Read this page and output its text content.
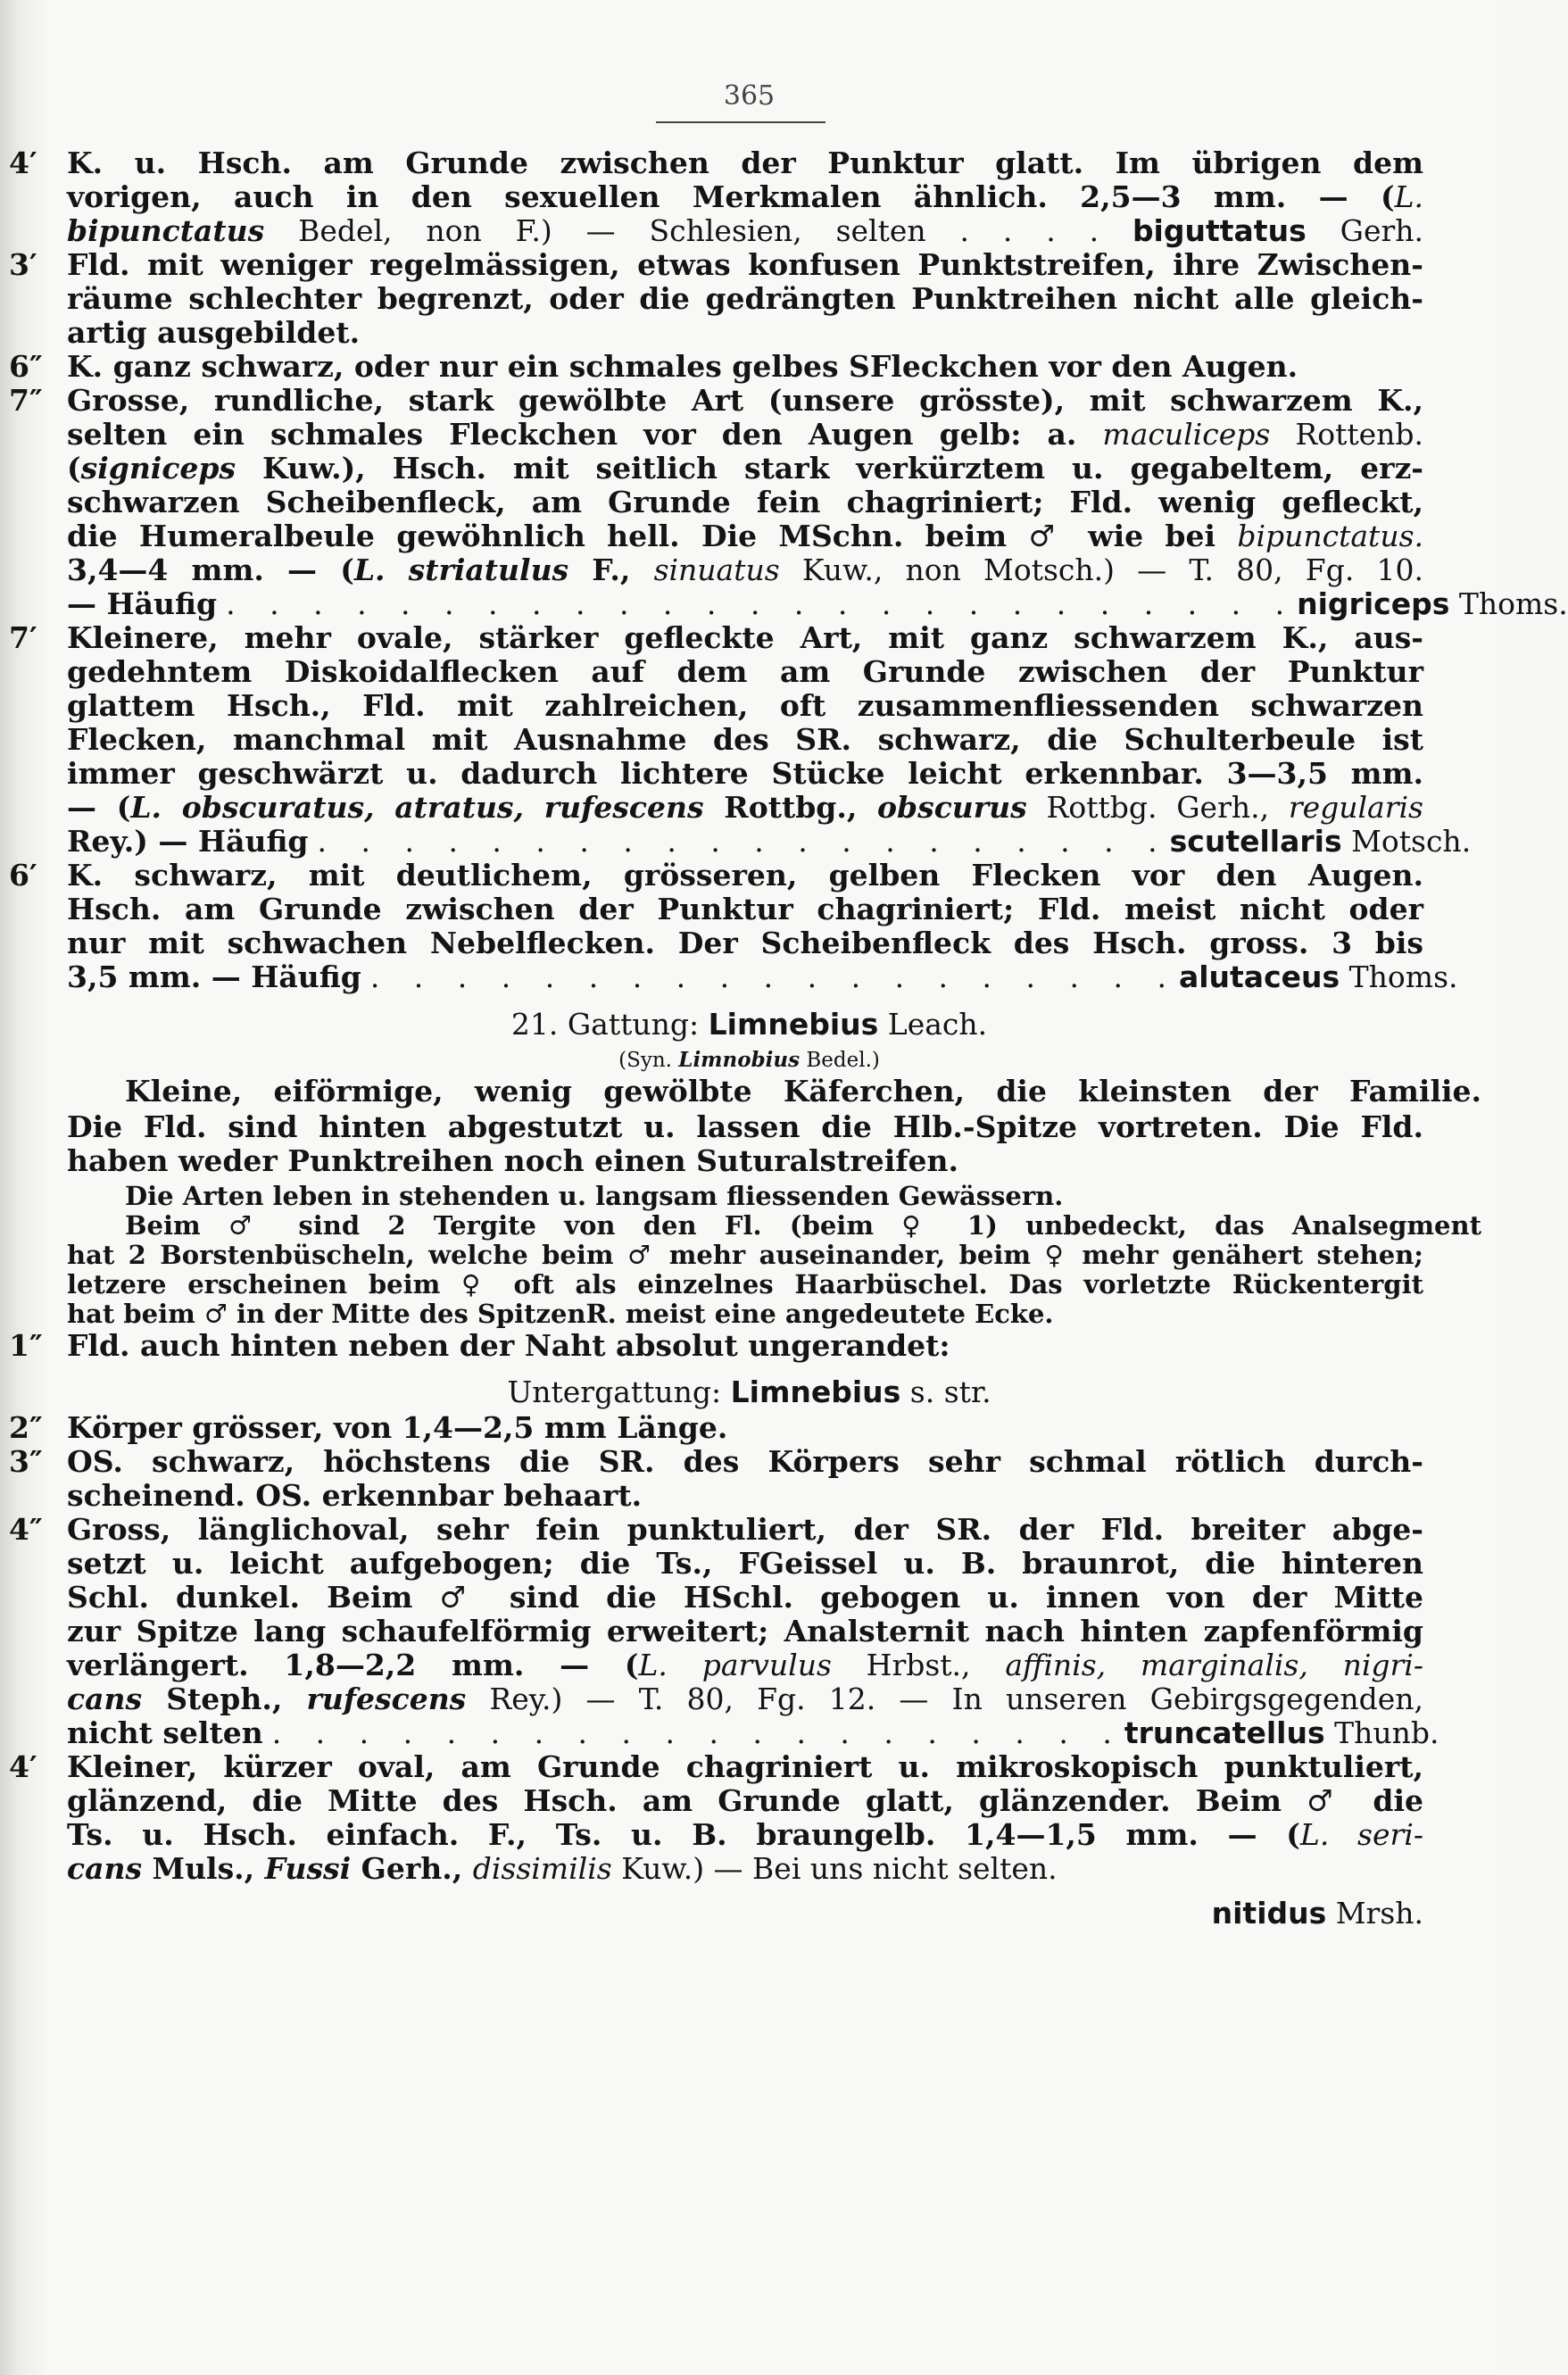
365
4′	K. u. Hsch. am Grunde zwischen der Punktur glatt. Im übrigen dem
vorigen, auch in den sexuellen Merkmalen ähnlich. 2,5—3 mm. — (L.
bipunctatus Bedel, non F.) — Schlesien, selten . . . . biguttatus Gerh.
3′	Fld. mit weniger regelmässigen, etwas konfusen Punktstreifen, ihre Zwischen-
räume schlechter begrenzt, oder die gedrängten Punktreihen nicht alle gleich-
artig ausgebildet.
6″ K. ganz schwarz, oder nur ein schmales gelbes SFleckchen vor den Augen.
7″ Grosse, rundliche, stark gewölbte Art (unsere grösste), mit schwarzem K.,
selten ein schmales Fleckchen vor den Augen gelb: a. maculiceps Rottenb.
(signiceps Kuw.), Hsch. mit seitlich stark verkürztem u. gegabeltem, erz-
schwarzen Scheibenfleck, am Grunde fein chagriniert; Fld. wenig gefleckt,
die Humeralbeule gewöhnlich hell. Die MSchn. beim ♂ wie bei bipunctatus.
3,4—4 mm. — (L. striatulus F., sinuatus Kuw., non Motsch.) — T. 80, Fg. 10.
— Häufig . . . . . . . . . . . . . . . . . . . . . . . . . nigriceps Thoms.
7′	Kleinere, mehr ovale, stärker gefleckte Art, mit ganz schwarzem K., aus-
gedehntem Diskoidalflecken auf dem am Grunde zwischen der Punktur
glattem Hsch., Fld. mit zahlreichen, oft zusammenfliessenden schwarzen
Flecken, manchmal mit Ausnahme des SR. schwarz, die Schulterbeule ist
immer geschwärzt u. dadurch lichtere Stücke leicht erkennbar. 3—3,5 mm.
— (L. obscuratus, atratus, rufescens Rottbg., obscurus Rottbg. Gerh., regularis
Rey.) — Häufig . . . . . . . . . . . . . . . . . . . . scutellaris Motsch.
6′	K. schwarz, mit deutlichem, grösseren, gelben Flecken vor den Augen.
Hsch. am Grunde zwischen der Punktur chagriniert; Fld. meist nicht oder
nur mit schwachen Nebelflecken. Der Scheibenfleck des Hsch. gross. 3 bis
3,5 mm. — Häufig . . . . . . . . . . . . . . . . . . . alutaceus Thoms.
21. Gattung: Limnebius Leach.
(Syn. Limnobius Bedel.)
Kleine, eiförmige, wenig gewölbte Käferchen, die kleinsten der Familie.
Die Fld. sind hinten abgestutzt u. lassen die Hlb.-Spitze vortreten. Die Fld.
haben weder Punktreihen noch einen Suturalstreifen.
Die Arten leben in stehenden u. langsam fliessenden Gewässern.
Beim ♂ sind 2 Tergite von den Fl. (beim ♀ 1) unbedeckt, das Analsegment
hat 2 Borstenbüscheln, welche beim ♂ mehr auseinander, beim ♀ mehr genähert stehen;
letzere erscheinen beim ♀ oft als einzelnes Haarbüschel. Das vorletzte Rückentergit
hat beim ♂ in der Mitte des SpitzenR. meist eine angedeutete Ecke.
1″ Fld. auch hinten neben der Naht absolut ungerandet:
Untergattung: Limnebius s. str.
2″ Körper grösser, von 1,4—2,5 mm Länge.
3″ OS. schwarz, höchstens die SR. des Körpers sehr schmal rötlich durch-
scheinend. OS. erkennbar behaart.
4″ Gross, länglichoval, sehr fein punktuliert, der SR. der Fld. breiter abge-
setzt u. leicht aufgebogen; die Ts., FGeissel u. B. braunrot, die hinteren
Schl. dunkel. Beim ♂ sind die HSchl. gebogen u. innen von der Mitte
zur Spitze lang schaufelförmig erweitert; Analsternit nach hinten zapfenförmig
verlängert. 1,8—2,2 mm. — (L. parvulus Hrbst., affinis, marginalis, nigri-
cans Steph., rufescens Rey.) — T. 80, Fg. 12. — In unseren Gebirgsgegenden,
nicht selten . . . . . . . . . . . . . . . . . . . . truncatellus Thunb.
4′	Kleiner, kürzer oval, am Grunde chagriniert u. mikroskopisch punktuliert,
glänzend, die Mitte des Hsch. am Grunde glatt, glänzender. Beim ♂ die
Ts. u. Hsch. einfach. F., Ts. u. B. braungelb. 1,4—1,5 mm. — (L. seri-
cans Muls., Fussi Gerh., dissimilis Kuw.) — Bei uns nicht selten.
nitidus Mrsh.
